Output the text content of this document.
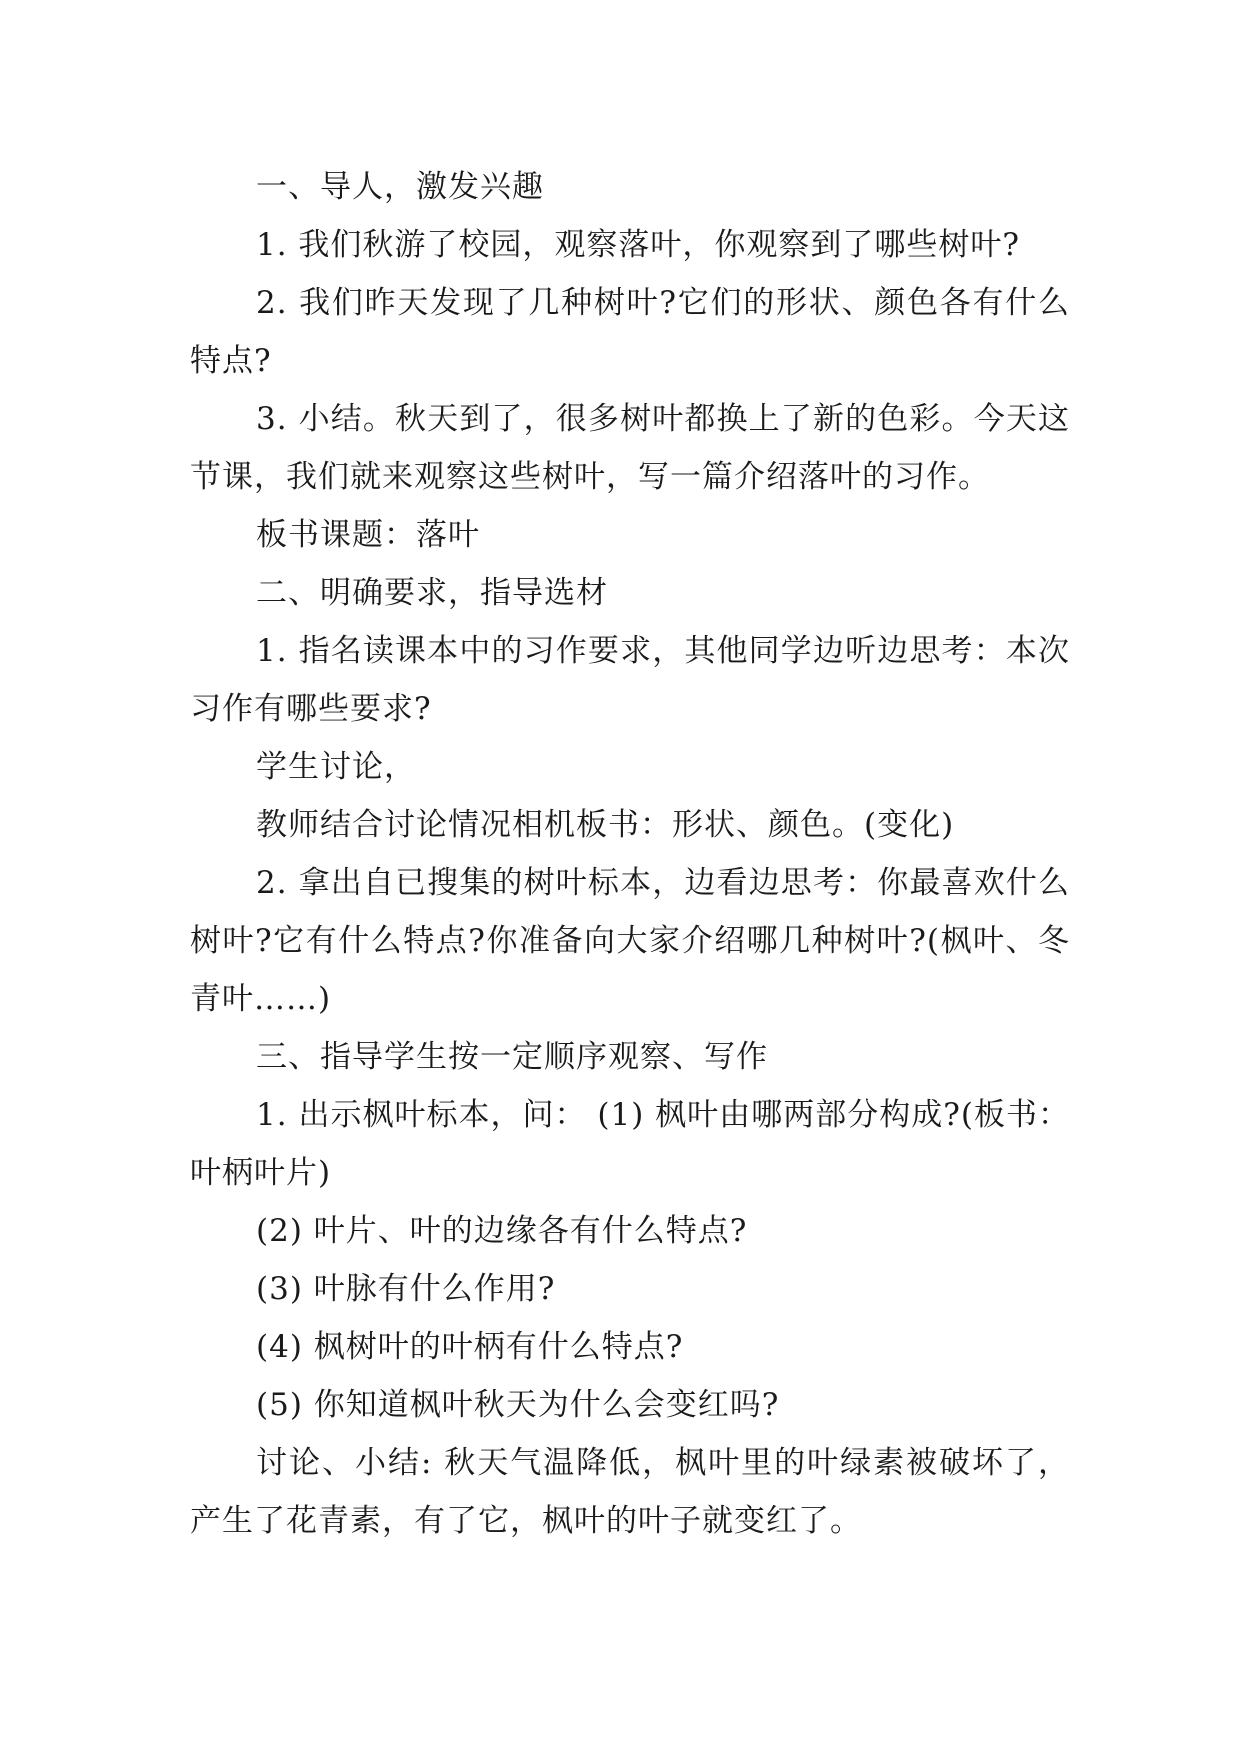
一、导人，激发兴趣

1. 我们秋游了校园，观察落叶，你观察到了哪些树叶?

2. 我们昨天发现了几种树叶?它们的形状、颜色各有什么特点?

3. 小结。秋天到了，很多树叶都换上了新的色彩。今天这节课，我们就来观察这些树叶，写一篇介绍落叶的习作。

板书课题：落叶

二、明确要求，指导选材

1. 指名读课本中的习作要求，其他同学边听边思考：本次习作有哪些要求?

学生讨论，

教师结合讨论情况相机板书：形状、颜色。(变化)

2. 拿出自已搜集的树叶标本，边看边思考：你最喜欢什么树叶?它有什么特点?你准备向大家介绍哪几种树叶?(枫叶、冬青叶……)

三、指导学生按一定顺序观察、写作

1. 出示枫叶标本，问： (1) 枫叶由哪两部分构成?(板书：叶柄叶片)

(2) 叶片、叶的边缘各有什么特点?

(3) 叶脉有什么作用?

(4) 枫树叶的叶柄有什么特点?

(5) 你知道枫叶秋天为什么会变红吗?

讨论、小结: 秋天气温降低，枫叶里的叶绿素被破坏了，产生了花青素，有了它，枫叶的叶子就变红了。
